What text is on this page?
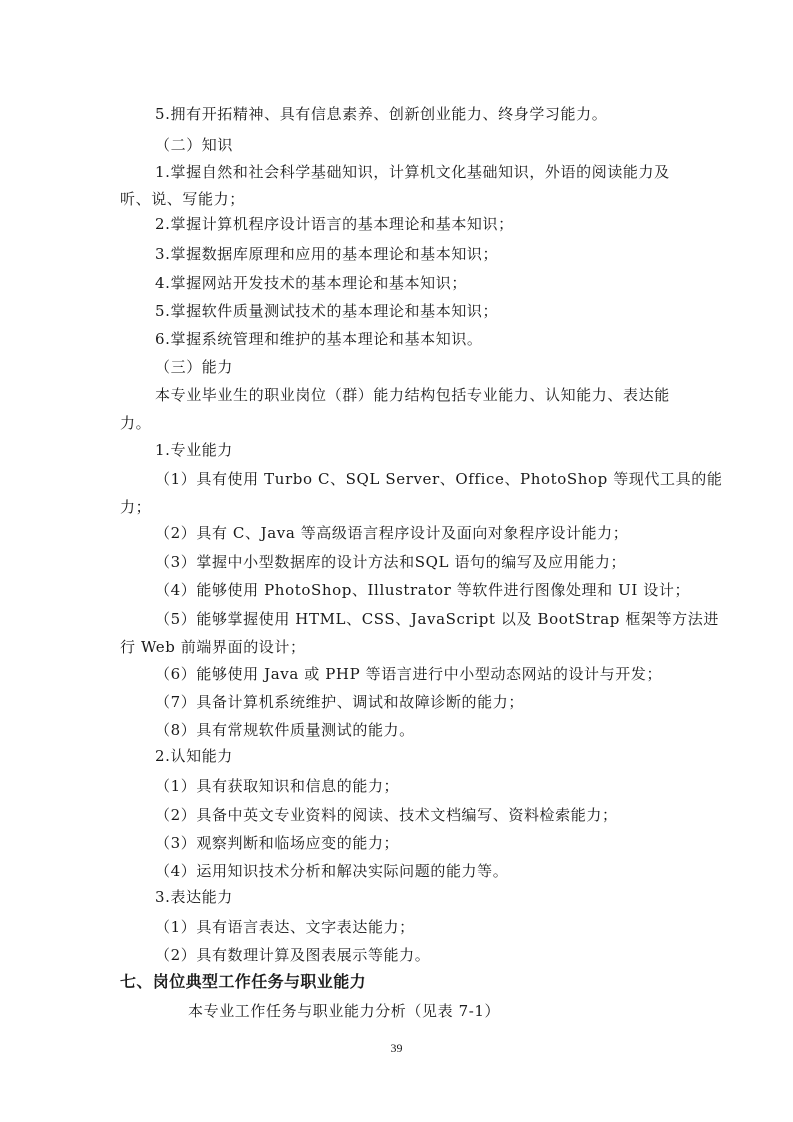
5.拥有开拓精神、具有信息素养、创新创业能力、终身学习能力。
（二）知识
1.掌握自然和社会科学基础知识，计算机文化基础知识，外语的阅读能力及
听、说、写能力；
2.掌握计算机程序设计语言的基本理论和基本知识；
3.掌握数据库原理和应用的基本理论和基本知识；
4.掌握网站开发技术的基本理论和基本知识；
5.掌握软件质量测试技术的基本理论和基本知识；
6.掌握系统管理和维护的基本理论和基本知识。
（三）能力
本专业毕业生的职业岗位（群）能力结构包括专业能力、认知能力、表达能
力。
1.专业能力
（1）具有使用 Turbo C、SQL Server、Office、PhotoShop 等现代工具的能
力；
（2）具有 C、Java 等高级语言程序设计及面向对象程序设计能力；
（3）掌握中小型数据库的设计方法和SQL 语句的编写及应用能力；
（4）能够使用 PhotoShop、Illustrator 等软件进行图像处理和 UI 设计；
（5）能够掌握使用 HTML、CSS、JavaScript 以及 BootStrap 框架等方法进
行 Web 前端界面的设计；
（6）能够使用 Java 或 PHP 等语言进行中小型动态网站的设计与开发；
（7）具备计算机系统维护、调试和故障诊断的能力；
（8）具有常规软件质量测试的能力。
2.认知能力
（1）具有获取知识和信息的能力；
（2）具备中英文专业资料的阅读、技术文档编写、资料检索能力；
（3）观察判断和临场应变的能力；
（4）运用知识技术分析和解决实际问题的能力等。
3.表达能力
（1）具有语言表达、文字表达能力；
（2）具有数理计算及图表展示等能力。
七、岗位典型工作任务与职业能力
本专业工作任务与职业能力分析（见表 7-1）
39
